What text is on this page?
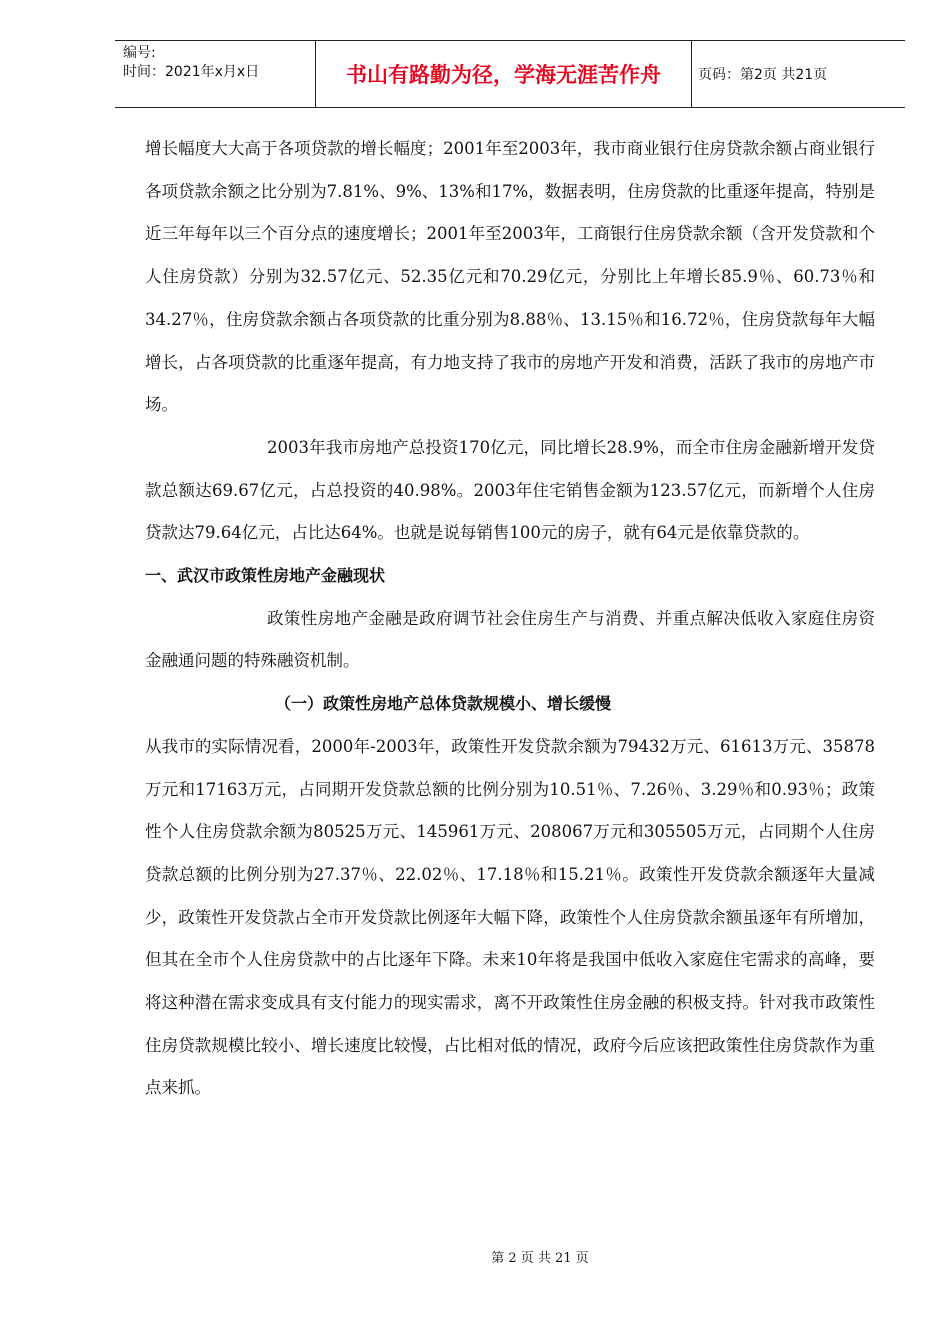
编号:
时间：2021年x月x日	书山有路勤为径，学海无涯苦作舟	页码：第2页 共21页

增长幅度大大高于各项贷款的增长幅度；2001年至2003年，我市商业银行住房贷款余额占商业银行各项贷款余额之比分别为7.81%、9%、13%和17%，数据表明，住房贷款的比重逐年提高，特别是近三年每年以三个百分点的速度增长；2001年至2003年，工商银行住房贷款余额（含开发贷款和个人住房贷款）分别为32.57亿元、52.35亿元和70.29亿元，分别比上年增长85.9％、60.73％和34.27％，住房贷款余额占各项贷款的比重分别为8.88％、13.15％和16.72％，住房贷款每年大幅增长，占各项贷款的比重逐年提高，有力地支持了我市的房地产开发和消费，活跃了我市的房地产市场。

2003年我市房地产总投资170亿元，同比增长28.9%，而全市住房金融新增开发贷款总额达69.67亿元，占总投资的40.98%。2003年住宅销售金额为123.57亿元，而新增个人住房贷款达79.64亿元，占比达64%。也就是说每销售100元的房子，就有64元是依靠贷款的。

一、武汉市政策性房地产金融现状

政策性房地产金融是政府调节社会住房生产与消费、并重点解决低收入家庭住房资金融通问题的特殊融资机制。

（一）政策性房地产总体贷款规模小、增长缓慢

从我市的实际情况看，2000年-2003年，政策性开发贷款余额为79432万元、61613万元、35878万元和17163万元，占同期开发贷款总额的比例分别为10.51％、7.26％、3.29％和0.93％；政策性个人住房贷款余额为80525万元、145961万元、208067万元和305505万元，占同期个人住房贷款总额的比例分别为27.37％、22.02％、17.18％和15.21％。政策性开发贷款余额逐年大量减少，政策性开发贷款占全市开发贷款比例逐年大幅下降，政策性个人住房贷款余额虽逐年有所增加，但其在全市个人住房贷款中的占比逐年下降。未来10年将是我国中低收入家庭住宅需求的高峰，要将这种潜在需求变成具有支付能力的现实需求，离不开政策性住房金融的积极支持。针对我市政策性住房贷款规模比较小、增长速度比较慢，占比相对低的情况，政府今后应该把政策性住房贷款作为重点来抓。

第 2 页 共 21 页
